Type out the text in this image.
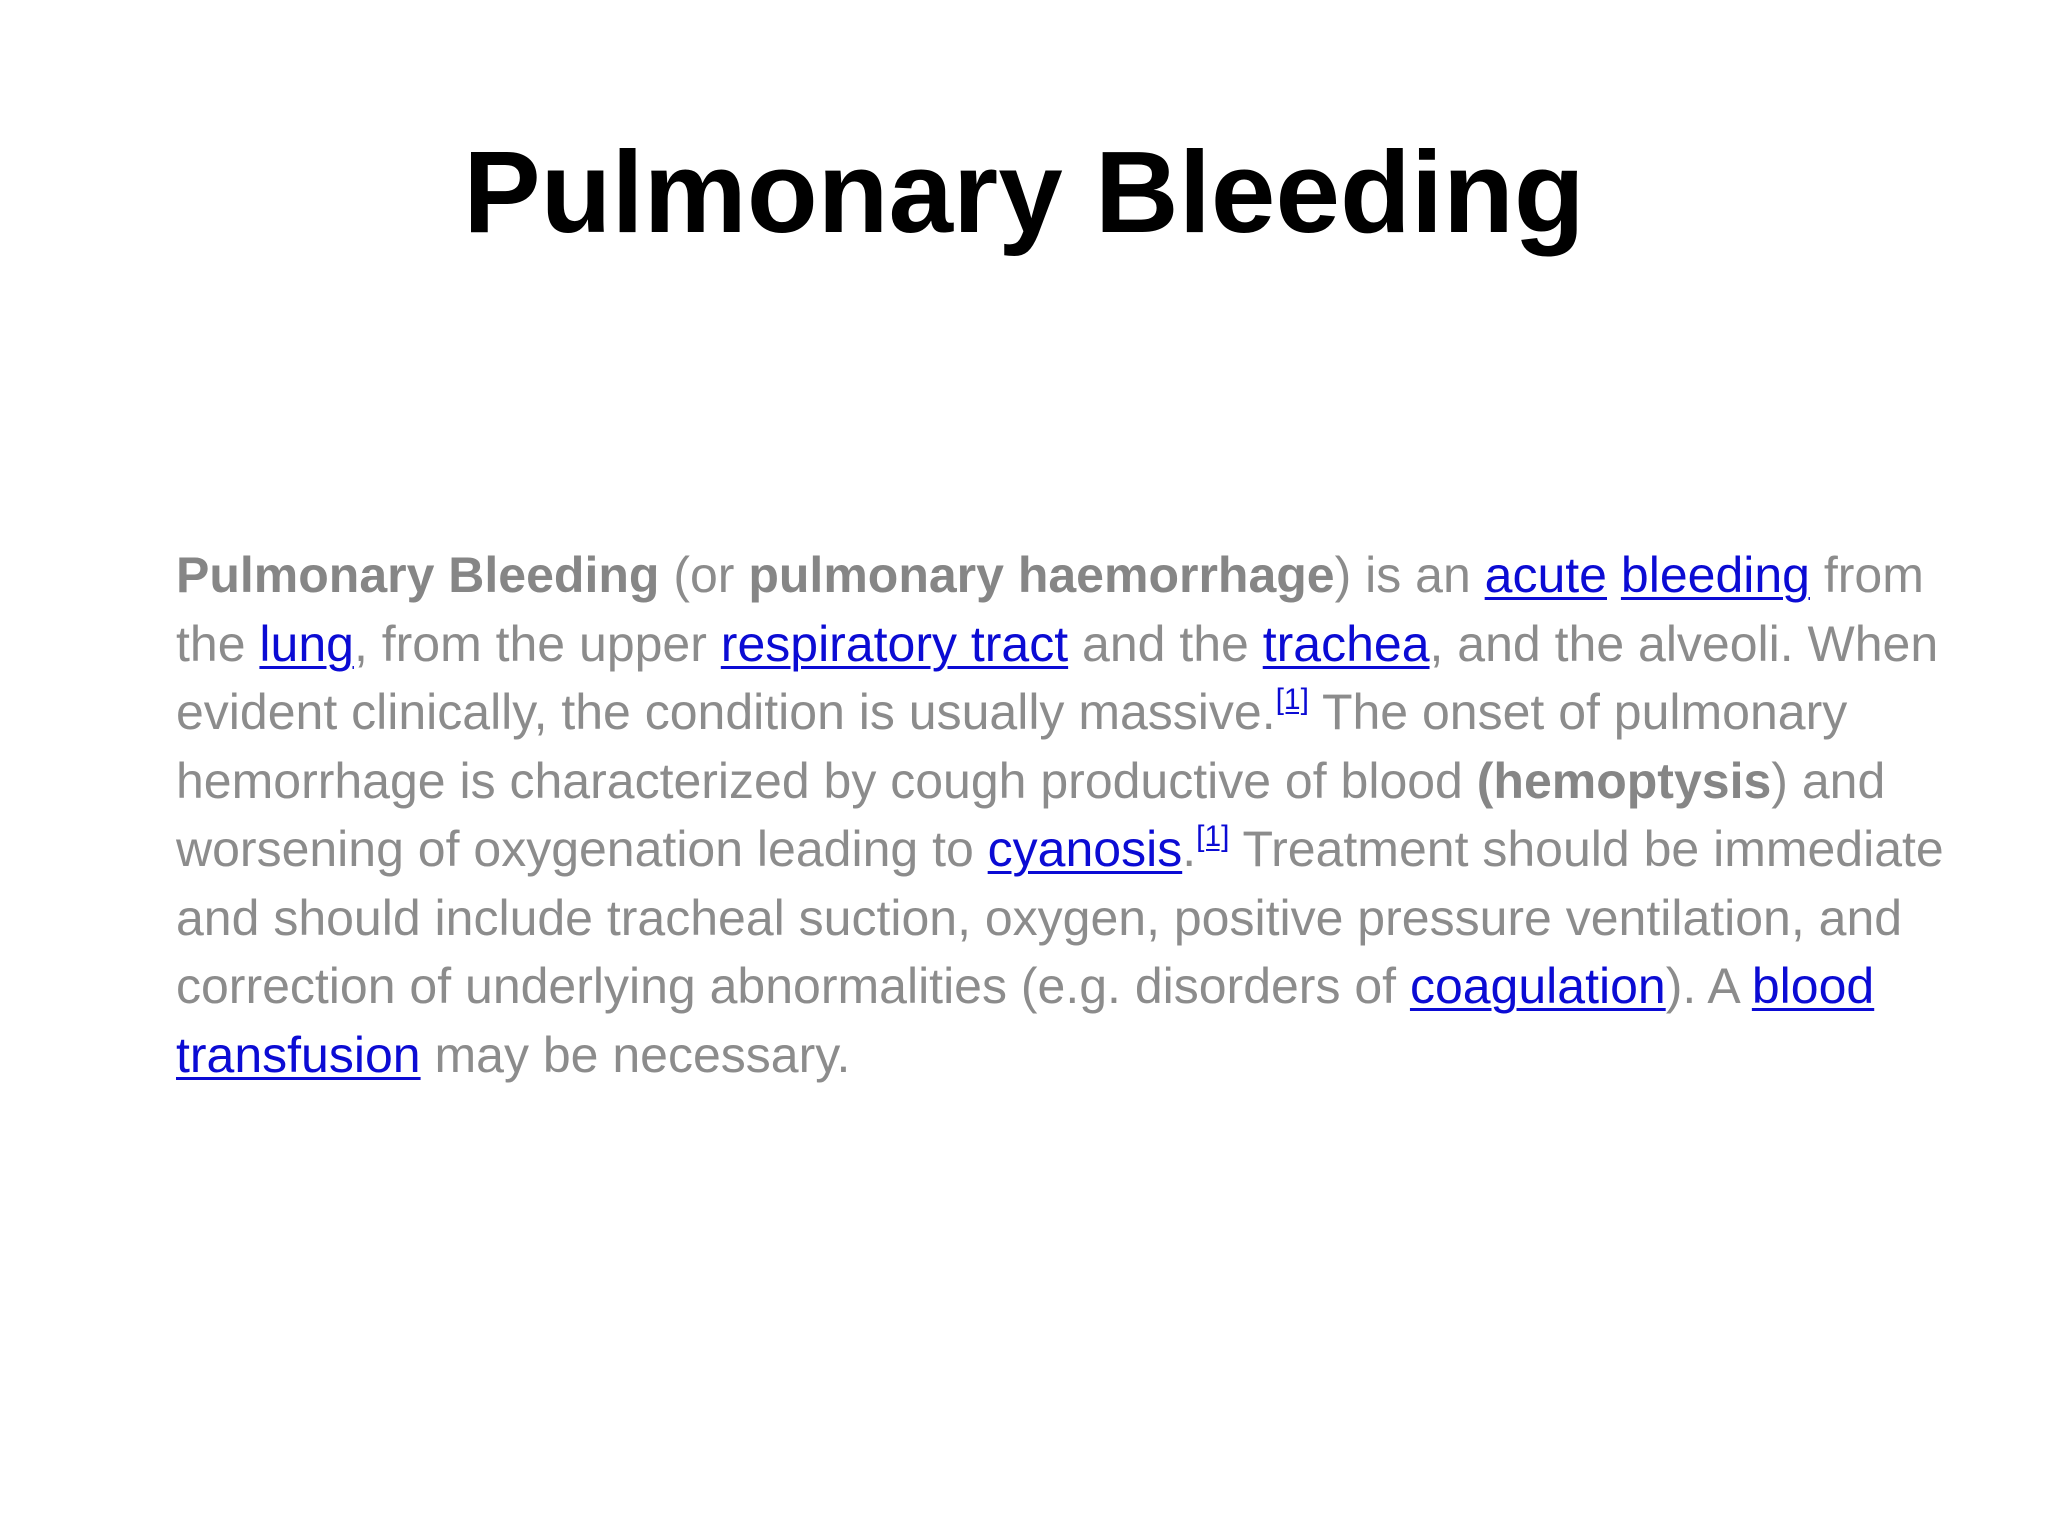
Pulmonary Bleeding

Pulmonary Bleeding (or pulmonary haemorrhage) is an acute bleeding from the lung, from the upper respiratory tract and the trachea, and the alveoli. When evident clinically, the condition is usually massive.[1] The onset of pulmonary hemorrhage is characterized by cough productive of blood (hemoptysis) and worsening of oxygenation leading to cyanosis.[1] Treatment should be immediate and should include tracheal suction, oxygen, positive pressure ventilation, and correction of underlying abnormalities (e.g. disorders of coagulation). A blood transfusion may be necessary.
